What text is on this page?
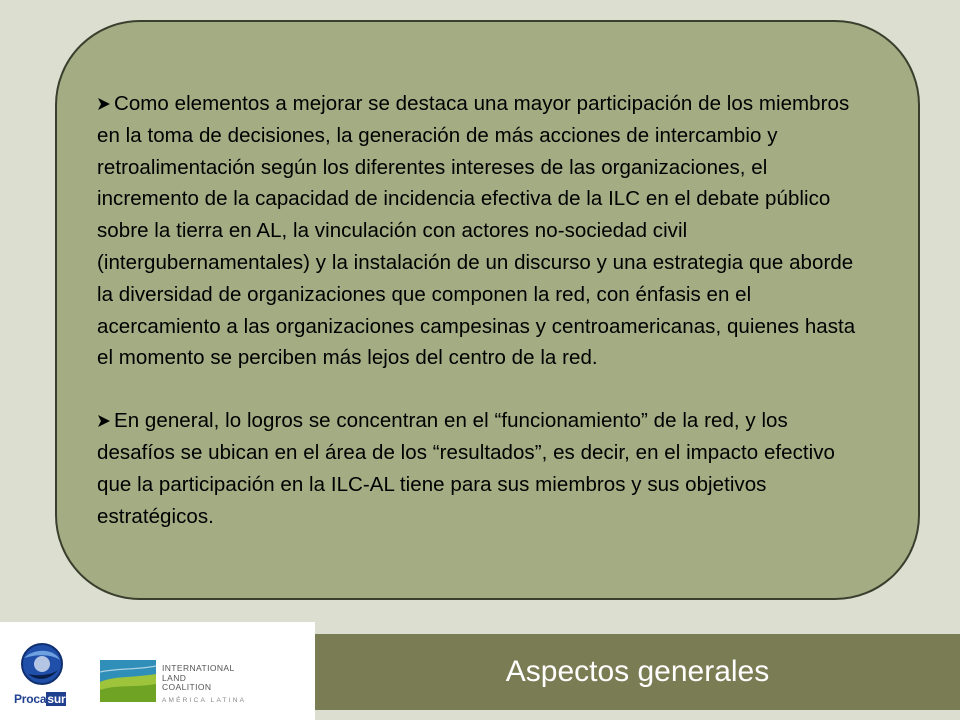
Como elementos a mejorar se destaca una mayor participación de los miembros en la toma de decisiones, la generación de más acciones de intercambio y retroalimentación según los diferentes intereses de las organizaciones, el incremento de la capacidad de incidencia efectiva de la ILC en el debate público sobre la tierra en AL, la vinculación con actores no-sociedad civil (intergubernamentales) y la instalación de un discurso y una estrategia que aborde la diversidad de organizaciones que componen la red, con énfasis en el acercamiento a las organizaciones campesinas y centroamericanas, quienes hasta el momento se perciben más lejos del centro de la red.

En general, lo logros se concentran en el “funcionamiento” de la red, y los desafíos se ubican en el área de los “resultados”, es decir, en el impacto efectivo que la participación en la ILC-AL tiene para sus miembros y sus objetivos estratégicos.

Procasur
INTERNATIONAL
LAND
COALITION
AMÉRICA LATINA
Aspectos generales
